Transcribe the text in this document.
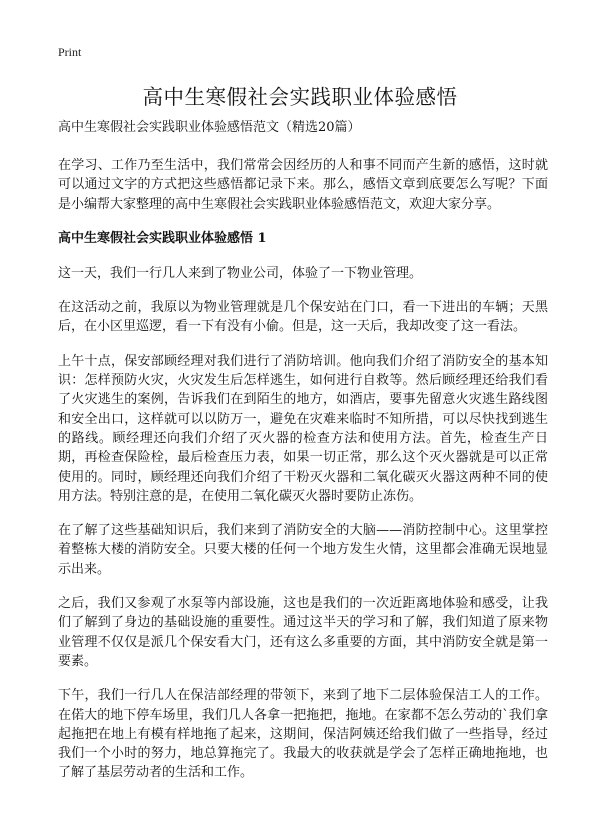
Print
高中生寒假社会实践职业体验感悟

高中生寒假社会实践职业体验感悟范文（精选20篇）

在学习、工作乃至生活中，我们常常会因经历的人和事不同而产生新的感悟，这时就可以通过文字的方式把这些感悟都记录下来。那么，感悟文章到底要怎么写呢？下面是小编帮大家整理的高中生寒假社会实践职业体验感悟范文，欢迎大家分享。

高中生寒假社会实践职业体验感悟 1

这一天，我们一行几人来到了物业公司，体验了一下物业管理。

在这活动之前，我原以为物业管理就是几个保安站在门口，看一下进出的车辆；天黑后，在小区里巡逻，看一下有没有小偷。但是，这一天后，我却改变了这一看法。

上午十点，保安部顾经理对我们进行了消防培训。他向我们介绍了消防安全的基本知识：怎样预防火灾，火灾发生后怎样逃生，如何进行自救等。然后顾经理还给我们看了火灾逃生的案例，告诉我们在到陌生的地方，如酒店，要事先留意火灾逃生路线图和安全出口，这样就可以以防万一，避免在灾难来临时不知所措，可以尽快找到逃生的路线。顾经理还向我们介绍了灭火器的检查方法和使用方法。首先，检查生产日期，再检查保险栓，最后检查压力表，如果一切正常，那么这个灭火器就是可以正常使用的。同时，顾经理还向我们介绍了干粉灭火器和二氧化碳灭火器这两种不同的使用方法。特别注意的是，在使用二氧化碳灭火器时要防止冻伤。

在了解了这些基础知识后，我们来到了消防安全的大脑——消防控制中心。这里掌控着整栋大楼的消防安全。只要大楼的任何一个地方发生火情，这里都会准确无误地显示出来。

之后，我们又参观了水泵等内部设施，这也是我们的一次近距离地体验和感受，让我们了解到了身边的基础设施的重要性。通过这半天的学习和了解，我们知道了原来物业管理不仅仅是派几个保安看大门，还有这么多重要的方面，其中消防安全就是第一要素。

下午，我们一行几人在保洁部经理的带领下，来到了地下二层体验保洁工人的工作。在偌大的地下停车场里，我们几人各拿一把拖把，拖地。在家都不怎么劳动的`我们拿起拖把在地上有模有样地拖了起来，这期间，保洁阿姨还给我们做了一些指导，经过我们一个小时的努力，地总算拖完了。我最大的收获就是学会了怎样正确地拖地，也了解了基层劳动者的生活和工作。
